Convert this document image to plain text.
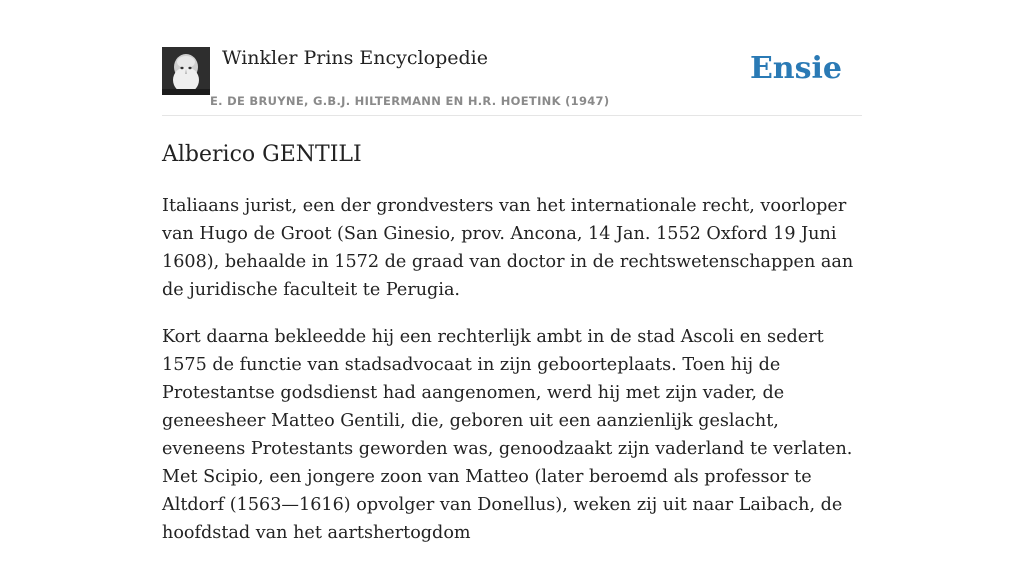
Winkler Prins Encyclopedie
E. DE BRUYNE, G.B.J. HILTERMANN EN H.R. HOETINK (1947)
Ensie
Alberico GENTILI

Italiaans jurist, een der grondvesters van het internationale recht, voorloper van Hugo de Groot (San Ginesio, prov. Ancona, 14 Jan. 1552 Oxford 19 Juni 1608), behaalde in 1572 de graad van doctor in de rechtswetenschappen aan de juridische faculteit te Perugia.

Kort daarna bekleedde hij een rechterlijk ambt in de stad Ascoli en sedert 1575 de functie van stadsadvocaat in zijn geboorteplaats. Toen hij de Protestantse godsdienst had aangenomen, werd hij met zijn vader, de geneesheer Matteo Gentili, die, geboren uit een aanzienlijk geslacht, eveneens Protestants geworden was, genoodzaakt zijn vaderland te verlaten. Met Scipio, een jongere zoon van Matteo (later beroemd als professor te Altdorf (1563—1616) opvolger van Donellus), weken zij uit naar Laibach, de hoofdstad van het aartshertogdom
